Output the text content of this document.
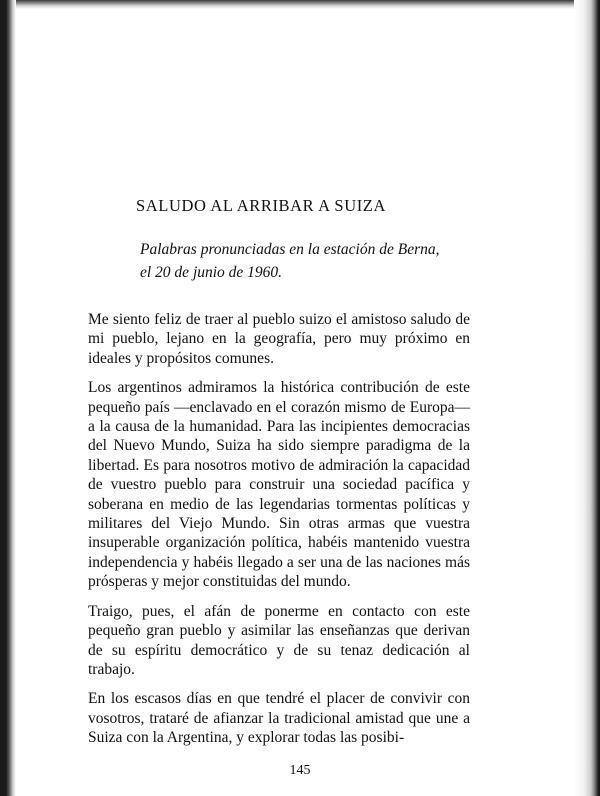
SALUDO AL ARRIBAR A SUIZA
Palabras pronunciadas en la estación de Berna,
el 20 de junio de 1960.

Me siento feliz de traer al pueblo suizo el amistoso saludo de mi pueblo, lejano en la geografía, pero muy próximo en ideales y propósitos comunes.

Los argentinos admiramos la histórica contribución de este pequeño país —enclavado en el corazón mismo de Europa— a la causa de la humanidad. Para las incipientes democracias del Nuevo Mundo, Suiza ha sido siempre paradigma de la libertad. Es para nosotros motivo de admiración la capacidad de vuestro pueblo para construir una sociedad pacífica y soberana en medio de las legendarias tormentas políticas y militares del Viejo Mundo. Sin otras armas que vuestra insuperable organización política, habéis mantenido vuestra independencia y habéis llegado a ser una de las naciones más prósperas y mejor constituidas del mundo.

Traigo, pues, el afán de ponerme en contacto con este pequeño gran pueblo y asimilar las enseñanzas que derivan de su espíritu democrático y de su tenaz dedicación al trabajo.

En los escasos días en que tendré el placer de convivir con vosotros, trataré de afianzar la tradicional amistad que une a Suiza con la Argentina, y explorar todas las posibi-

145
